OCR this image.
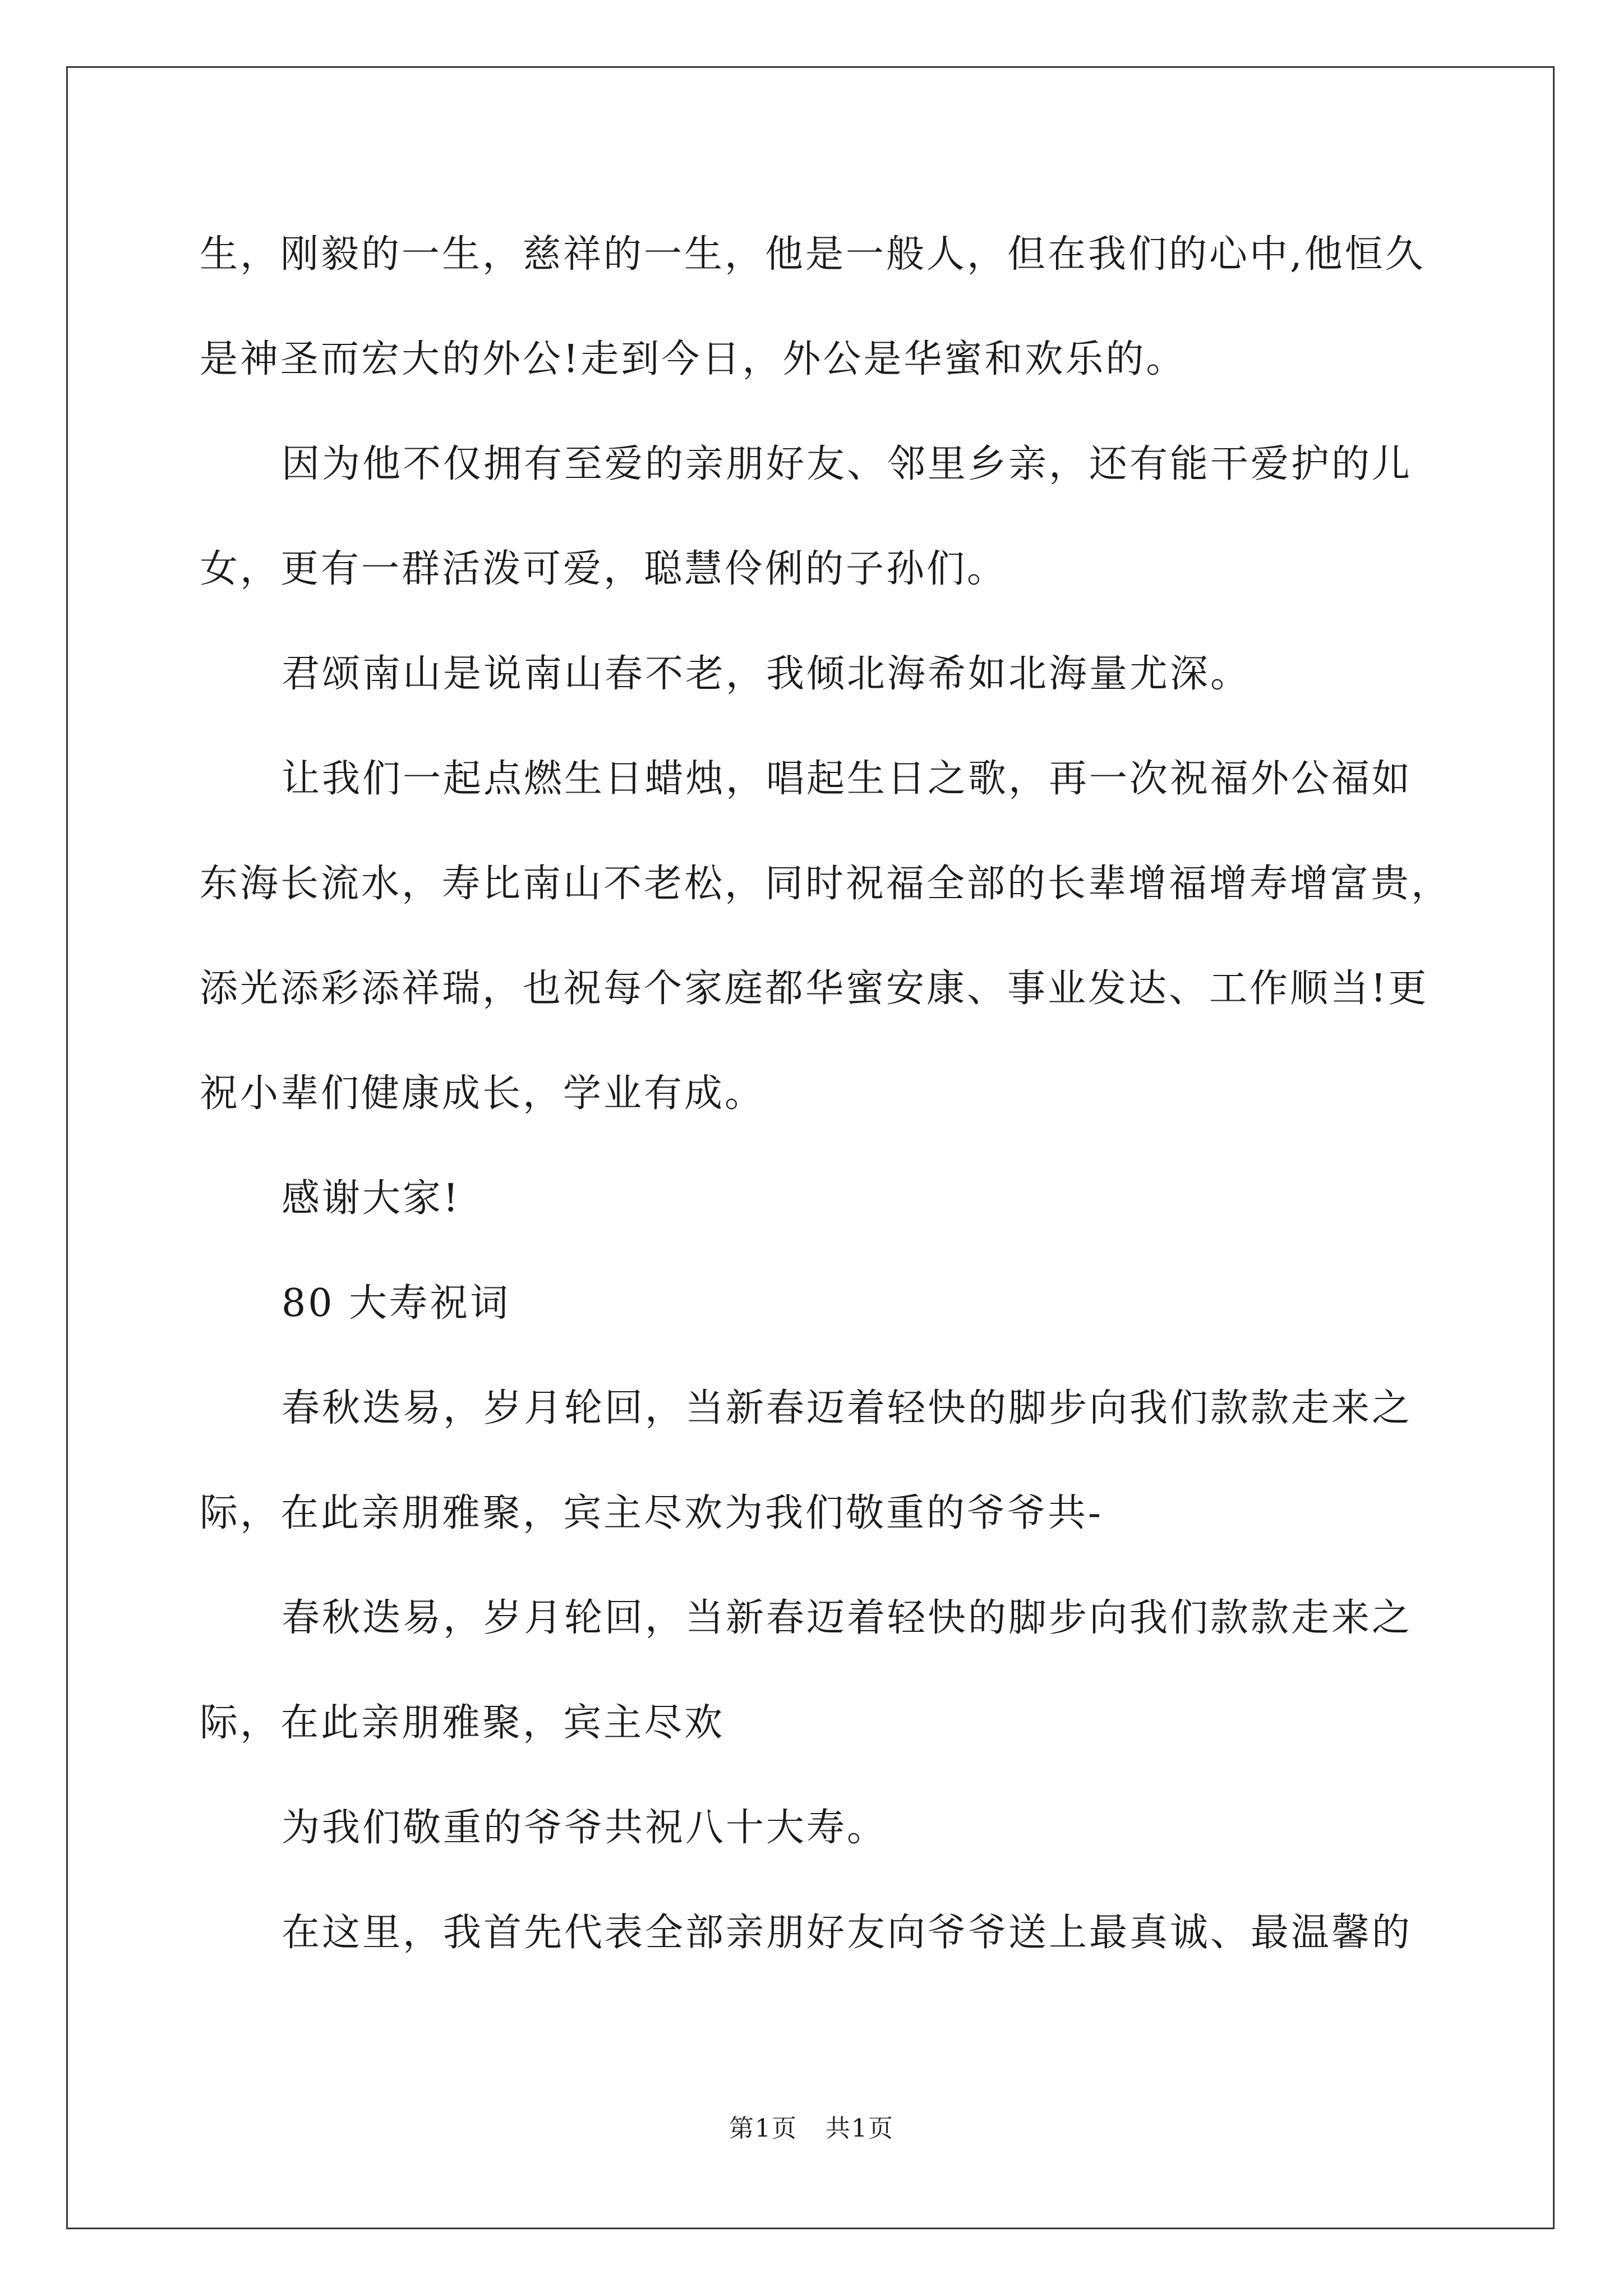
生，刚毅的一生，慈祥的一生，他是一般人，但在我们的心中,他恒久

是神圣而宏大的外公!走到今日，外公是华蜜和欢乐的。

因为他不仅拥有至爱的亲朋好友、邻里乡亲，还有能干爱护的儿

女，更有一群活泼可爱，聪慧伶俐的子孙们。

君颂南山是说南山春不老，我倾北海希如北海量尤深。

让我们一起点燃生日蜡烛，唱起生日之歌，再一次祝福外公福如

东海长流水，寿比南山不老松，同时祝福全部的长辈增福增寿增富贵，

添光添彩添祥瑞，也祝每个家庭都华蜜安康、事业发达、工作顺当!更

祝小辈们健康成长，学业有成。

感谢大家!

80 大寿祝词

春秋迭易，岁月轮回，当新春迈着轻快的脚步向我们款款走来之

际，在此亲朋雅聚，宾主尽欢为我们敬重的爷爷共-

春秋迭易，岁月轮回，当新春迈着轻快的脚步向我们款款走来之

际，在此亲朋雅聚，宾主尽欢

为我们敬重的爷爷共祝八十大寿。

在这里，我首先代表全部亲朋好友向爷爷送上最真诚、最温馨的

第1页 共1页
